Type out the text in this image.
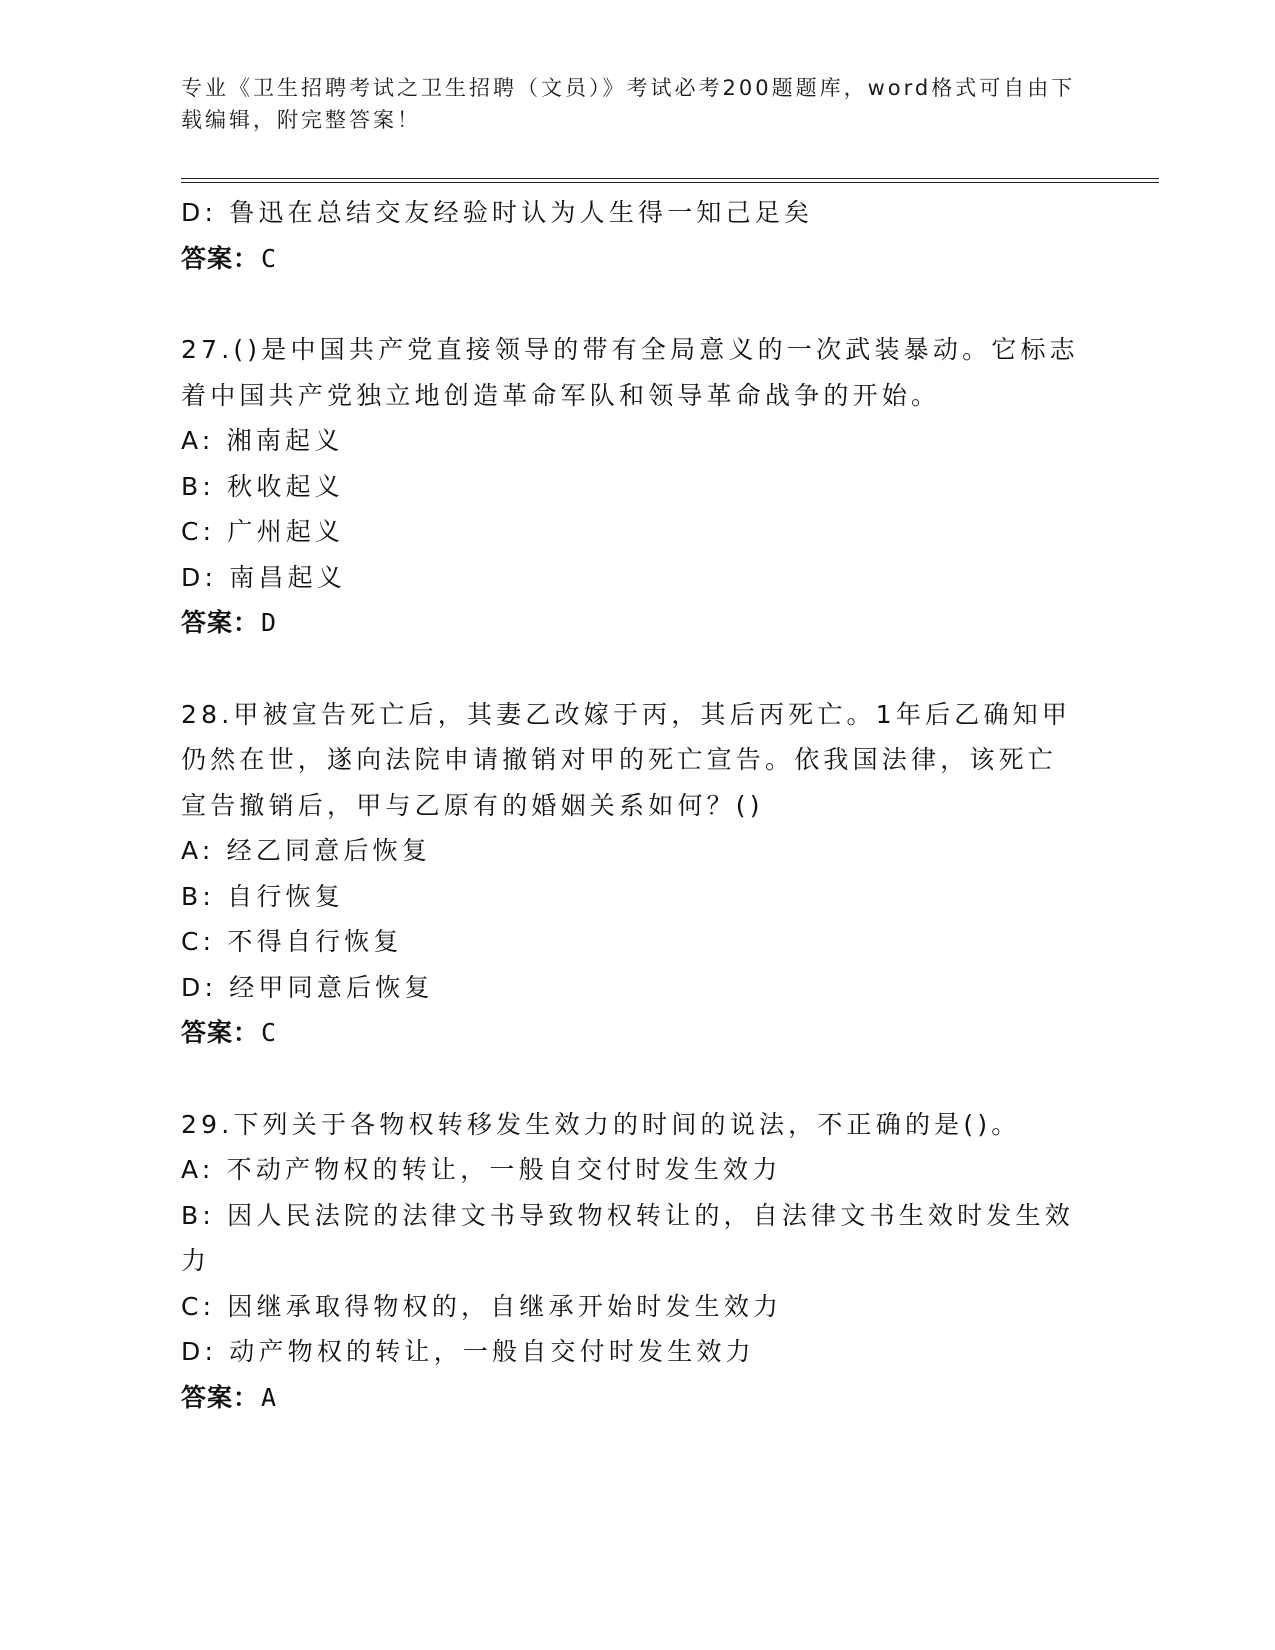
专业《卫生招聘考试之卫生招聘（文员）》考试必考200题题库，word格式可自由下载编辑，附完整答案！
D: 鲁迅在总结交友经验时认为人生得一知己足矣
答案：C
27.()是中国共产党直接领导的带有全局意义的一次武装暴动。它标志着中国共产党独立地创造革命军队和领导革命战争的开始。
A: 湘南起义
B: 秋收起义
C: 广州起义
D: 南昌起义
答案：D
28.甲被宣告死亡后，其妻乙改嫁于丙，其后丙死亡。1年后乙确知甲仍然在世，遂向法院申请撤销对甲的死亡宣告。依我国法律，该死亡宣告撤销后，甲与乙原有的婚姻关系如何？()
A: 经乙同意后恢复
B: 自行恢复
C: 不得自行恢复
D: 经甲同意后恢复
答案：C
29.下列关于各物权转移发生效力的时间的说法，不正确的是()。
A: 不动产物权的转让，一般自交付时发生效力
B: 因人民法院的法律文书导致物权转让的，自法律文书生效时发生效力
C: 因继承取得物权的，自继承开始时发生效力
D: 动产物权的转让，一般自交付时发生效力
答案：A
